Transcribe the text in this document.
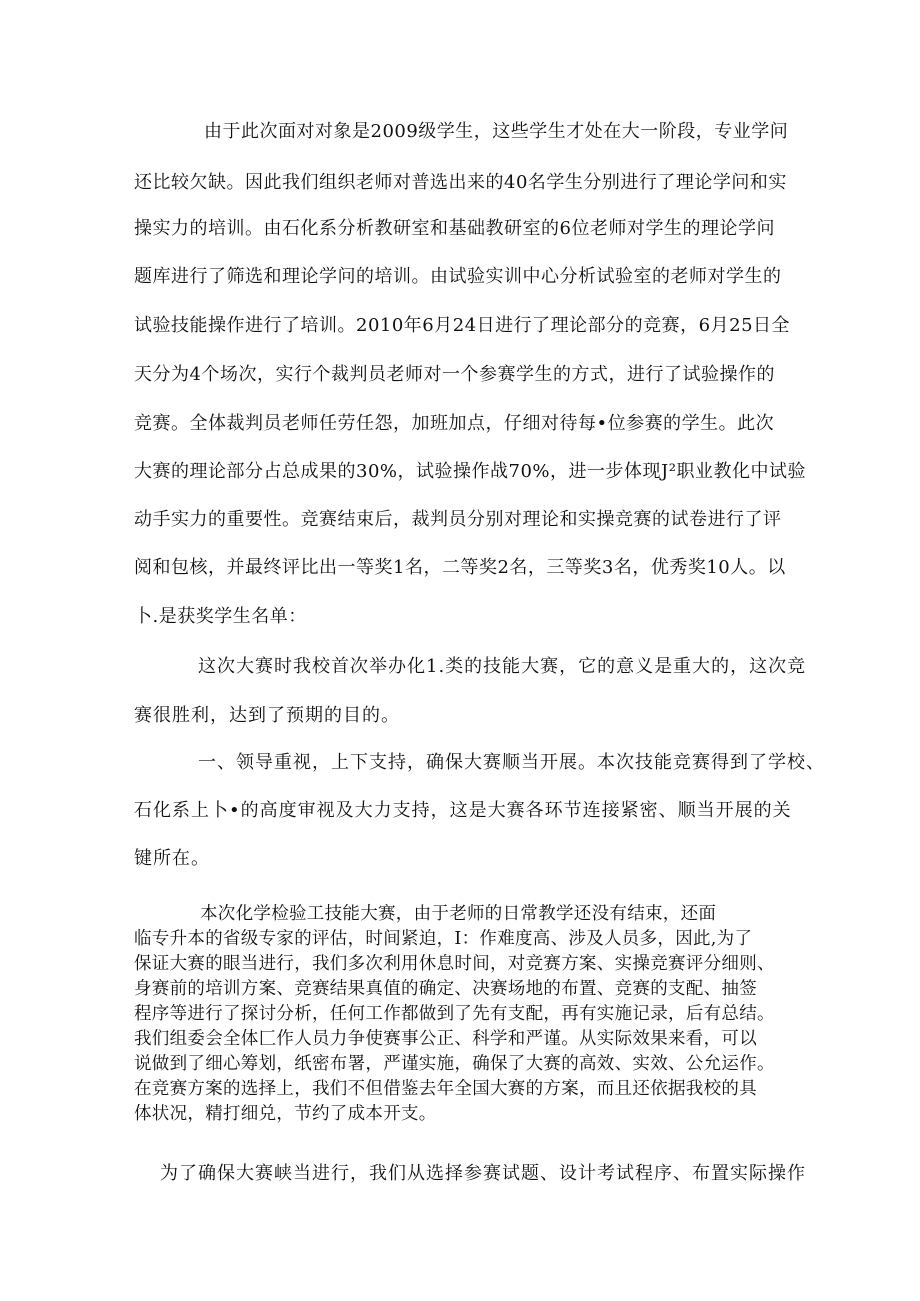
由于此次面对对象是2009级学生，这些学生才处在大一阶段，专业学问
还比较欠缺。因此我们组织老师对普选出来的40名学生分别进行了理论学问和实
操实力的培训。由石化系分析教研室和基础教研室的6位老师对学生的理论学问
题库进行了筛选和理论学问的培训。由试验实训中心分析试验室的老师对学生的
试验技能操作进行了培训。2010年6月24日进行了理论部分的竞赛，6月25日全
天分为4个场次，实行个裁判员老师对一个参赛学生的方式，进行了试验操作的
竞赛。全体裁判员老师任劳任怨，加班加点，仔细对待每•位参赛的学生。此次
大赛的理论部分占总成果的30%，试验操作战70%，进一步体现J²职业教化中试验
动手实力的重要性。竞赛结束后，裁判员分别对理论和实操竞赛的试卷进行了评
阅和包核，并最终评比出一等奖1名，二等奖2名，三等奖3名，优秀奖10人。以
卜.是获奖学生名单：
这次大赛时我校首次举办化1.类的技能大赛，它的意义是重大的，这次竞
赛很胜利，达到了预期的目的。
一、领导重视，上下支持，确保大赛顺当开展。本次技能竞赛得到了学校、
石化系上卜•的高度审视及大力支持，这是大赛各环节连接紧密、顺当开展的关
键所在。
本次化学检验工技能大赛，由于老师的日常教学还没有结束，还面
临专升本的省级专家的评估，时间紧迫，I：作难度高、涉及人员多，因此,为了
保证大赛的眼当进行，我们多次利用休息时间，对竞赛方案、实操竞赛评分细则、
身赛前的培训方案、竞赛结果真值的确定、决赛场地的布置、竞赛的支配、抽签
程序等进行了探讨分析，任何工作都做到了先有支配，再有实施记录，后有总结。
我们组委会全体匚作人员力争使赛事公正、科学和严谨。从实际效果来看，可以
说做到了细心筹划，纸密布署，严谨实施，确保了大赛的高效、实效、公允运作。
在竞赛方案的选择上，我们不但借鉴去年全国大赛的方案，而且还依据我校的具
体状况，精打细兑，节约了成本开支。
为了确保大赛峡当进行，我们从选择参赛试题、设计考试程序、布置实际操作
